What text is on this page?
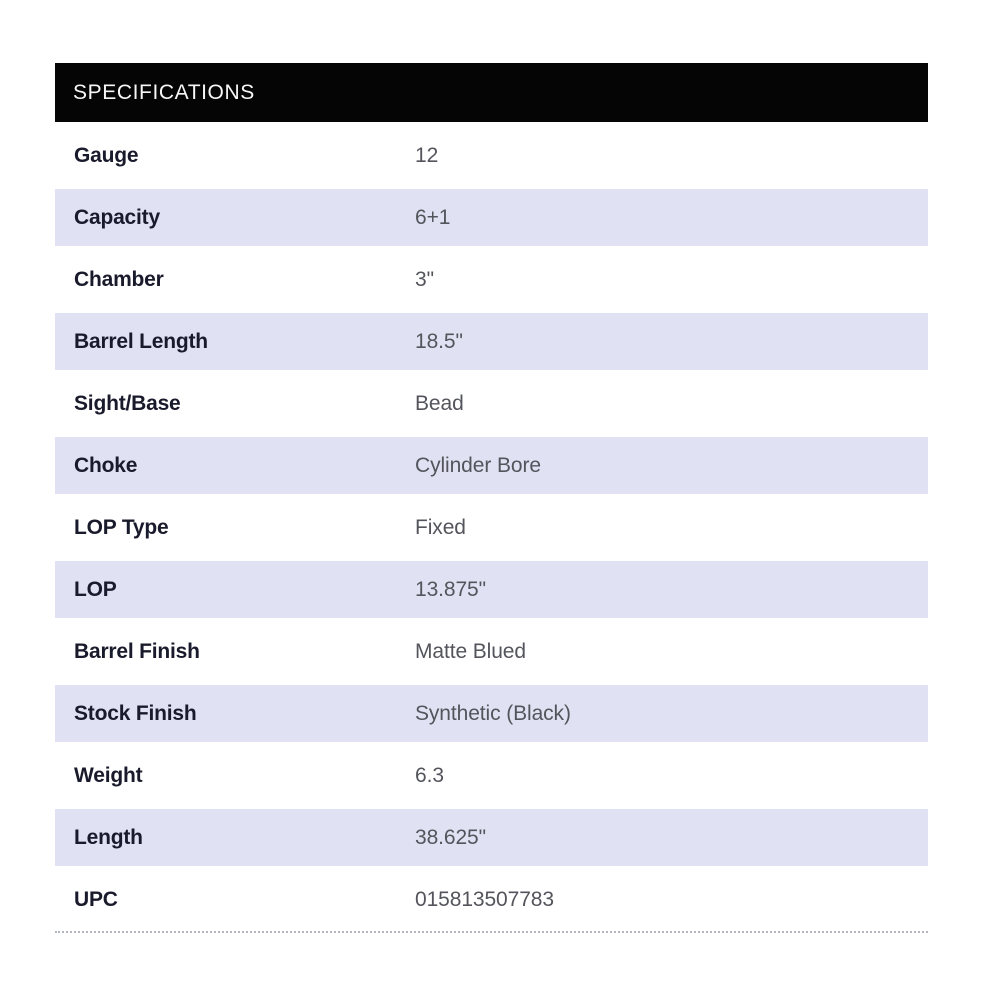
SPECIFICATIONS
Gauge	12
Capacity	6+1
Chamber	3"
Barrel Length	18.5"
Sight/Base	Bead
Choke	Cylinder Bore
LOP Type	Fixed
LOP	13.875"
Barrel Finish	Matte Blued
Stock Finish	Synthetic (Black)
Weight	6.3
Length	38.625"
UPC	015813507783
